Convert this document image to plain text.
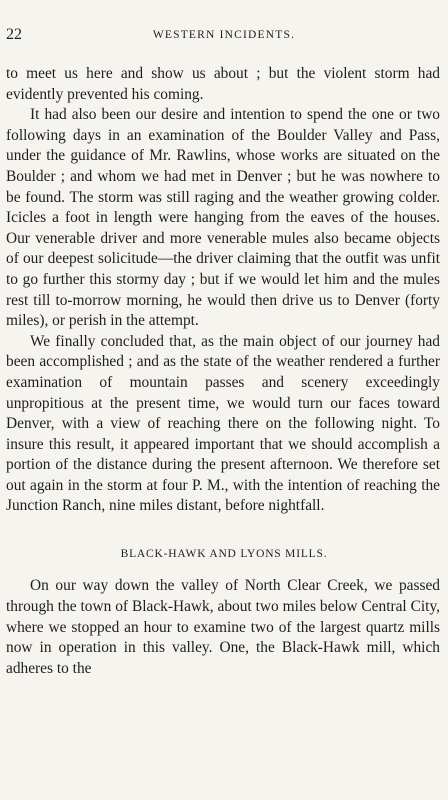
22	WESTERN INCIDENTS.

to meet us here and show us about ; but the violent storm had evidently prevented his coming.

It had also been our desire and intention to spend the one or two following days in an examination of the Boulder Valley and Pass, under the guidance of Mr. Rawlins, whose works are situated on the Boulder ; and whom we had met in Denver ; but he was nowhere to be found. The storm was still raging and the weather growing colder. Icicles a foot in length were hanging from the eaves of the houses. Our venerable driver and more venerable mules also became objects of our deepest solicitude—the driver claiming that the outfit was unfit to go further this stormy day ; but if we would let him and the mules rest till to-morrow morning, he would then drive us to Denver (forty miles), or perish in the attempt.

We finally concluded that, as the main object of our journey had been accomplished ; and as the state of the weather rendered a further examination of mountain passes and scenery exceedingly unpropitious at the present time, we would turn our faces toward Denver, with a view of reaching there on the following night. To insure this result, it appeared important that we should accomplish a portion of the distance during the present afternoon. We therefore set out again in the storm at four P. M., with the intention of reaching the Junction Ranch, nine miles distant, before nightfall.

BLACK-HAWK AND LYONS MILLS.

On our way down the valley of North Clear Creek, we passed through the town of Black-Hawk, about two miles below Central City, where we stopped an hour to examine two of the largest quartz mills now in operation in this valley. One, the Black-Hawk mill, which adheres to the
